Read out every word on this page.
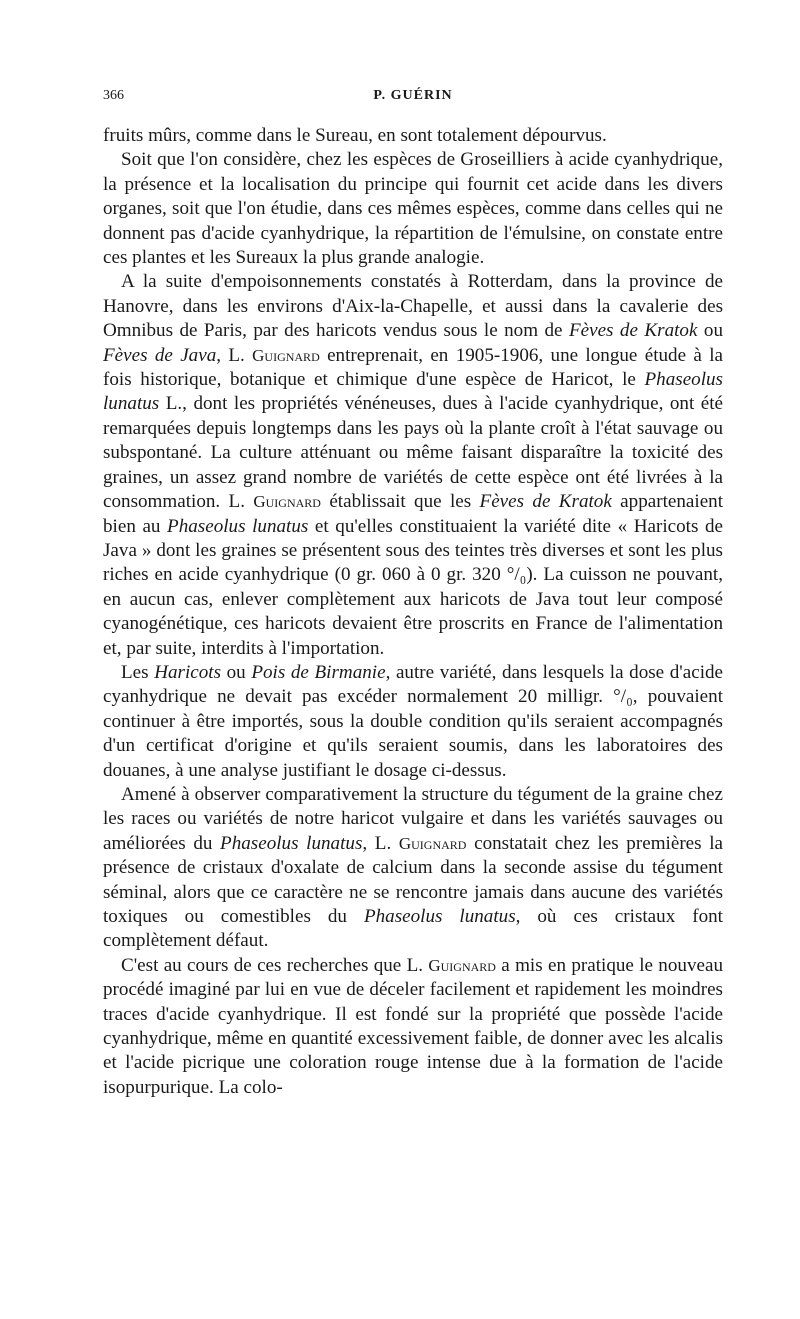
366	P. GUÉRIN

fruits mûrs, comme dans le Sureau, en sont totalement dépourvus.

Soit que l'on considère, chez les espèces de Groseilliers à acide cyanhydrique, la présence et la localisation du principe qui fournit cet acide dans les divers organes, soit que l'on étudie, dans ces mêmes espèces, comme dans celles qui ne donnent pas d'acide cyanhydrique, la répartition de l'émulsine, on constate entre ces plantes et les Sureaux la plus grande analogie.

A la suite d'empoisonnements constatés à Rotterdam, dans la province de Hanovre, dans les environs d'Aix-la-Chapelle, et aussi dans la cavalerie des Omnibus de Paris, par des haricots vendus sous le nom de Fèves de Kratok ou Fèves de Java, L. Guignard entreprenait, en 1905-1906, une longue étude à la fois historique, botanique et chimique d'une espèce de Haricot, le Phaseolus lunatus L., dont les propriétés vénéneuses, dues à l'acide cyanhydrique, ont été remarquées depuis longtemps dans les pays où la plante croît à l'état sauvage ou subspontané. La culture atténuant ou même faisant disparaître la toxicité des graines, un assez grand nombre de variétés de cette espèce ont été livrées à la consommation. L. Guignard établissait que les Fèves de Kratok appartenaient bien au Phaseolus lunatus et qu'elles constituaient la variété dite « Haricots de Java » dont les graines se présentent sous des teintes très diverses et sont les plus riches en acide cyanhydrique (0 gr. 060 à 0 gr. 320 °/₀). La cuisson ne pouvant, en aucun cas, enlever complètement aux haricots de Java tout leur composé cyanogénétique, ces haricots devaient être proscrits en France de l'alimentation et, par suite, interdits à l'importation.

Les Haricots ou Pois de Birmanie, autre variété, dans lesquels la dose d'acide cyanhydrique ne devait pas excéder normalement 20 milligr. °/₀, pouvaient continuer à être importés, sous la double condition qu'ils seraient accompagnés d'un certificat d'origine et qu'ils seraient soumis, dans les laboratoires des douanes, à une analyse justifiant le dosage ci-dessus.

Amené à observer comparativement la structure du tégument de la graine chez les races ou variétés de notre haricot vulgaire et dans les variétés sauvages ou améliorées du Phaseolus lunatus, L. Guignard constatait chez les premières la présence de cristaux d'oxalate de calcium dans la seconde assise du tégument séminal, alors que ce caractère ne se rencontre jamais dans aucune des variétés toxiques ou comestibles du Phaseolus lunatus, où ces cristaux font complètement défaut.

C'est au cours de ces recherches que L. Guignard a mis en pratique le nouveau procédé imaginé par lui en vue de déceler facilement et rapidement les moindres traces d'acide cyanhydrique. Il est fondé sur la propriété que possède l'acide cyanhydrique, même en quantité excessivement faible, de donner avec les alcalis et l'acide picrique une coloration rouge intense due à la formation de l'acide isopurpurique. La colo-
